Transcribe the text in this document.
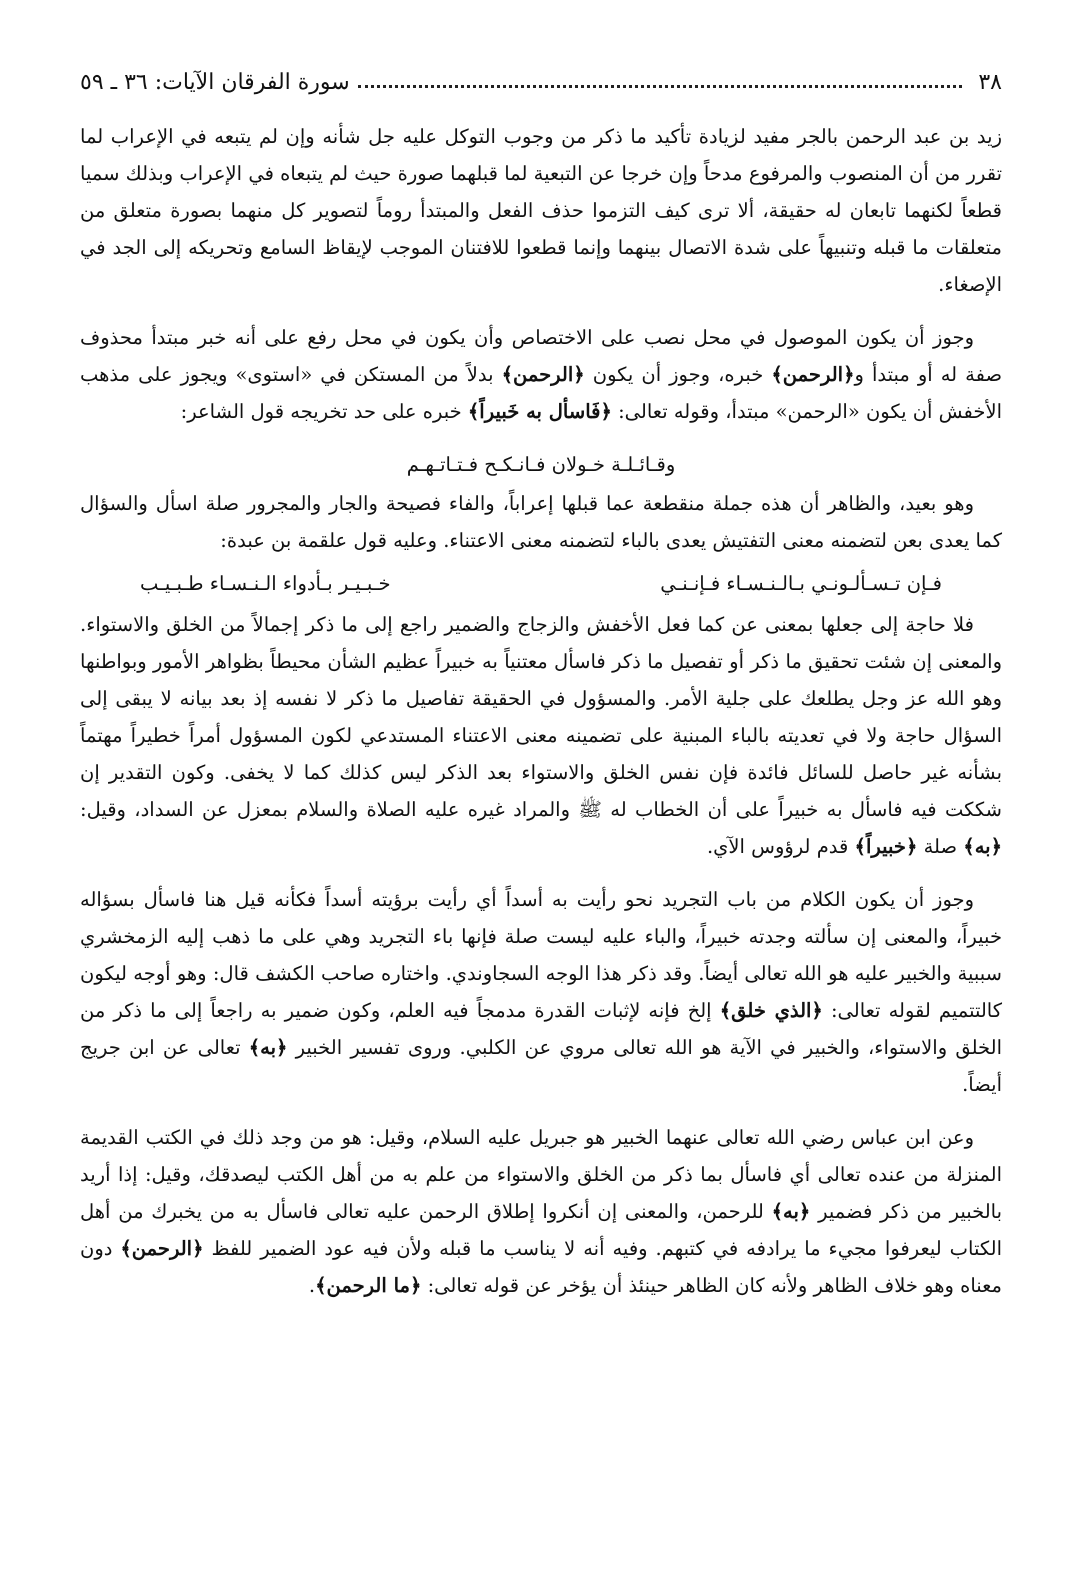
٣٨
سورة الفرقان الآيات: ٣٦ ـ ٥٩

زيد بن عبد الرحمن بالجر مفيد لزيادة تأكيد ما ذكر من وجوب التوكل عليه جل شأنه وإن لم يتبعه في الإعراب لما تقرر من أن المنصوب والمرفوع مدحاً وإن خرجا عن التبعية لما قبلهما صورة حيث لم يتبعاه في الإعراب وبذلك سميا قطعاً لكنهما تابعان له حقيقة، ألا ترى كيف التزموا حذف الفعل والمبتدأ روماً لتصوير كل منهما بصورة متعلق من متعلقات ما قبله وتنبيهاً على شدة الاتصال بينهما وإنما قطعوا للافتنان الموجب لإيقاظ السامع وتحريكه إلى الجد في الإصغاء.

وجوز أن يكون الموصول في محل نصب على الاختصاص وأن يكون في محل رفع على أنه خبر مبتدأ محذوف صفة له أو مبتدأ و﴿الرحمن﴾ خبره، وجوز أن يكون ﴿الرحمن﴾ بدلاً من المستكن في «استوى» ويجوز على مذهب الأخفش أن يكون «الرحمن» مبتدأ، وقوله تعالى: ﴿فَاسأل به خَبيراً﴾ خبره على حد تخريجه قول الشاعر:

وقـائـلـة خـولان فـانـكـح فـتـاتـهـم

وهو بعيد، والظاهر أن هذه جملة منقطعة عما قبلها إعراباً، والفاء فصيحة والجار والمجرور صلة اسأل والسؤال كما يعدى بعن لتضمنه معنى التفتيش يعدى بالباء لتضمنه معنى الاعتناء. وعليه قول علقمة بن عبدة:

فـإن تـسـألـونـي بـالـنـسـاء فـإنـنـي
خـبـيـر بـأدواء الـنـسـاء طـبـيـب

فلا حاجة إلى جعلها بمعنى عن كما فعل الأخفش والزجاج والضمير راجع إلى ما ذكر إجمالاً من الخلق والاستواء. والمعنى إن شئت تحقيق ما ذكر أو تفصيل ما ذكر فاسأل معتنياً به خبيراً عظيم الشأن محيطاً بظواهر الأمور وبواطنها وهو الله عز وجل يطلعك على جلية الأمر. والمسؤول في الحقيقة تفاصيل ما ذكر لا نفسه إذ بعد بيانه لا يبقى إلى السؤال حاجة ولا في تعديته بالباء المبنية على تضمينه معنى الاعتناء المستدعي لكون المسؤول أمراً خطيراً مهتماً بشأنه غير حاصل للسائل فائدة فإن نفس الخلق والاستواء بعد الذكر ليس كذلك كما لا يخفى. وكون التقدير إن شككت فيه فاسأل به خبيراً على أن الخطاب له ﷺ والمراد غيره عليه الصلاة والسلام بمعزل عن السداد، وقيل: ﴿به﴾ صلة ﴿خبيراً﴾ قدم لرؤوس الآي.

وجوز أن يكون الكلام من باب التجريد نحو رأيت به أسداً أي رأيت برؤيته أسداً فكأنه قيل هنا فاسأل بسؤاله خبيراً، والمعنى إن سألته وجدته خبيراً، والباء عليه ليست صلة فإنها باء التجريد وهي على ما ذهب إليه الزمخشري سببية والخبير عليه هو الله تعالى أيضاً. وقد ذكر هذا الوجه السجاوندي. واختاره صاحب الكشف قال: وهو أوجه ليكون كالتتميم لقوله تعالى: ﴿الذي خلق﴾ إلخ فإنه لإثبات القدرة مدمجاً فيه العلم، وكون ضمير به راجعاً إلى ما ذكر من الخلق والاستواء، والخبير في الآية هو الله تعالى مروي عن الكلبي. وروى تفسير الخبير ﴿به﴾ تعالى عن ابن جريج أيضاً.

وعن ابن عباس رضي الله تعالى عنهما الخبير هو جبريل عليه السلام، وقيل: هو من وجد ذلك في الكتب القديمة المنزلة من عنده تعالى أي فاسأل بما ذكر من الخلق والاستواء من علم به من أهل الكتب ليصدقك، وقيل: إذا أريد بالخبير من ذكر فضمير ﴿به﴾ للرحمن، والمعنى إن أنكروا إطلاق الرحمن عليه تعالى فاسأل به من يخبرك من أهل الكتاب ليعرفوا مجيء ما يرادفه في كتبهم. وفيه أنه لا يناسب ما قبله ولأن فيه عود الضمير للفظ ﴿الرحمن﴾ دون معناه وهو خلاف الظاهر ولأنه كان الظاهر حينئذ أن يؤخر عن قوله تعالى: ﴿ما الرحمن﴾.
